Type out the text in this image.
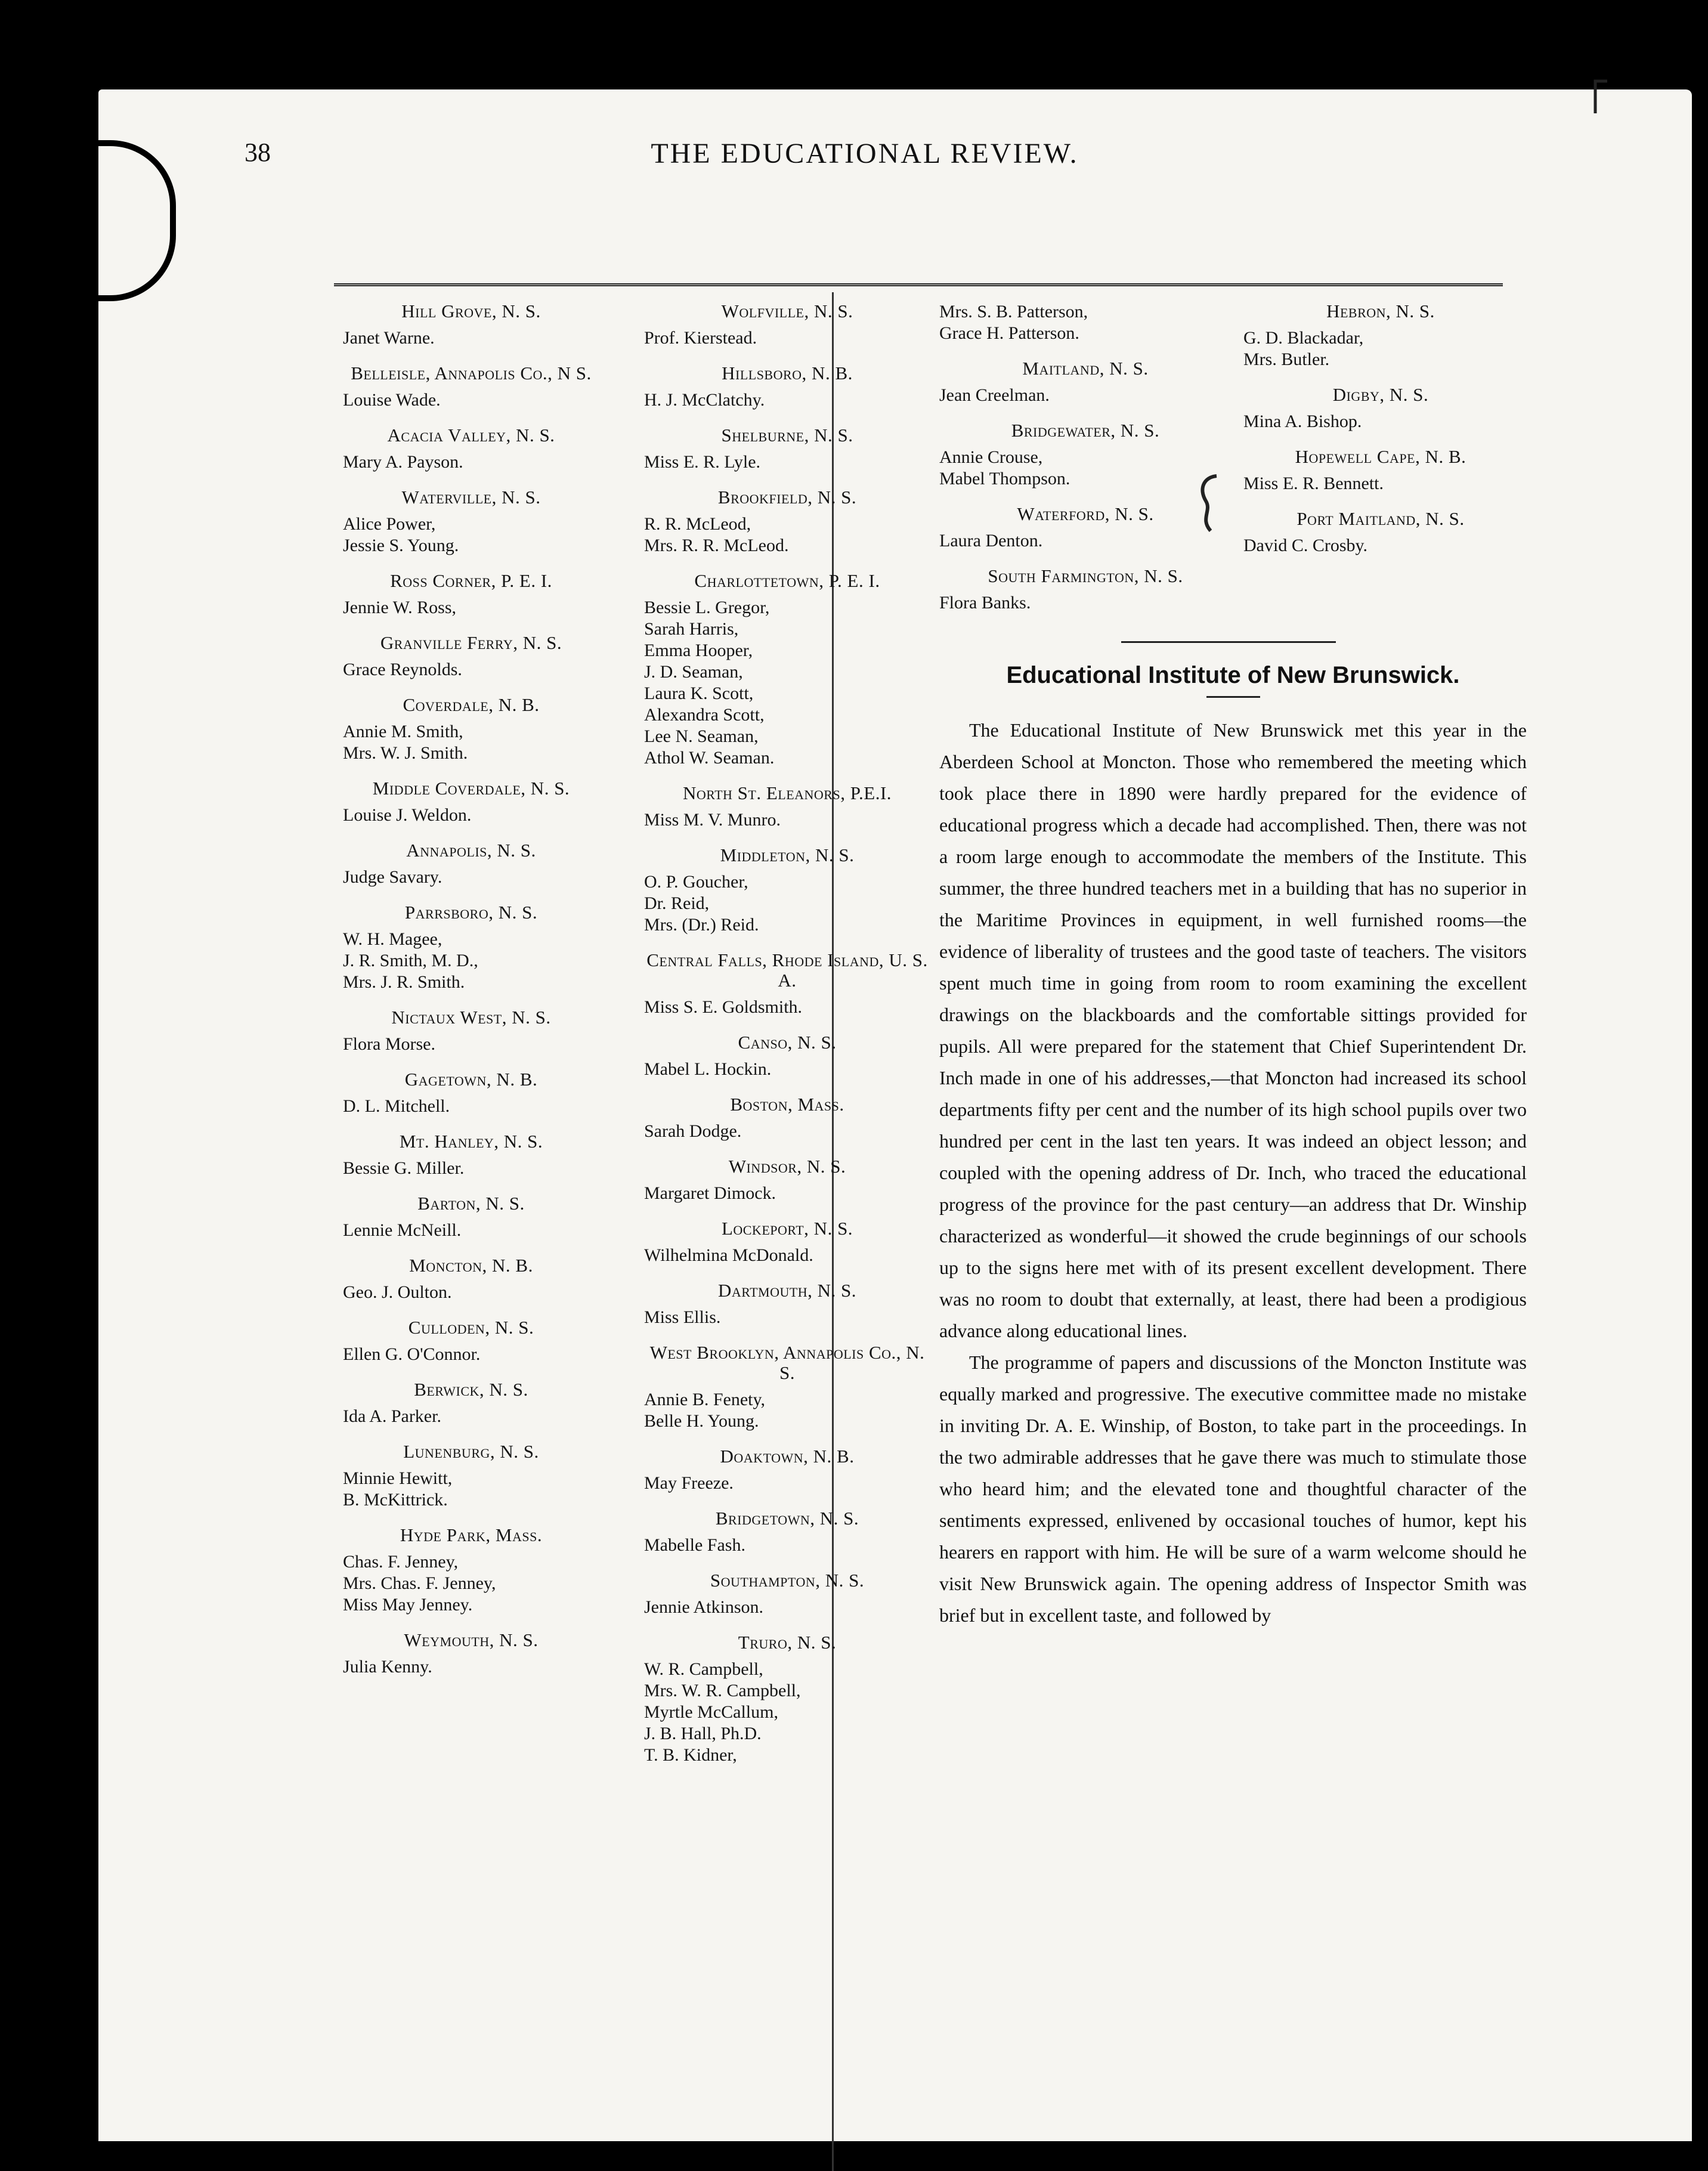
38	THE EDUCATIONAL REVIEW.
Hill Grove, N. S.
Janet Warne.
Belleisle, Annapolis Co., N S.
Louise Wade.
Acacia Valley, N. S.
Mary A. Payson.
Waterville, N. S.
Alice Power,
Jessie S. Young.
Ross Corner, P. E. I.
Jennie W. Ross,
Granville Ferry, N. S.
Grace Reynolds.
Coverdale, N. B.
Annie M. Smith,
Mrs. W. J. Smith.
Middle Coverdale, N. S.
Louise J. Weldon.
Annapolis, N. S.
Judge Savary.
Parrsboro, N. S.
W. H. Magee,
J. R. Smith, M. D.,
Mrs. J. R. Smith.
Nictaux West, N. S.
Flora Morse.
Gagetown, N. B.
D. L. Mitchell.
Mt. Hanley, N. S.
Bessie G. Miller.
Barton, N. S.
Lennie McNeill.
Moncton, N. B.
Geo. J. Oulton.
Culloden, N. S.
Ellen G. O'Connor.
Berwick, N. S.
Ida A. Parker.
Lunenburg, N. S.
Minnie Hewitt,
B. McKittrick.
Hyde Park, Mass.
Chas. F. Jenney,
Mrs. Chas. F. Jenney,
Miss May Jenney.
Weymouth, N. S.
Julia Kenny.
Wolfville, N. S.
Prof. Kierstead.
Hillsboro, N. B.
H. J. McClatchy.
Shelburne, N. S.
Miss E. R. Lyle.
Brookfield, N. S.
R. R. McLeod,
Mrs. R. R. McLeod.
Charlottetown, P. E. I.
Bessie L. Gregor,
Sarah Harris,
Emma Hooper,
J. D. Seaman,
Laura K. Scott,
Alexandra Scott,
Lee N. Seaman,
Athol W. Seaman.
North St. Eleanors, P.E.I.
Miss M. V. Munro.
Middleton, N. S.
O. P. Goucher,
Dr. Reid,
Mrs. (Dr.) Reid.
Central Falls, Rhode Island, U. S. A.
Miss S. E. Goldsmith.
Canso, N. S.
Mabel L. Hockin.
Boston, Mass.
Sarah Dodge.
Windsor, N. S.
Margaret Dimock.
Lockeport, N. S.
Wilhelmina McDonald.
Dartmouth, N. S.
Miss Ellis.
West Brooklyn, Annapolis Co., N. S.
Annie B. Fenety,
Belle H. Young.
Doaktown, N. B.
May Freeze.
Bridgetown, N. S.
Mabelle Fash.
Southampton, N. S.
Jennie Atkinson.
Truro, N. S.
W. R. Campbell,
Mrs. W. R. Campbell,
Myrtle McCallum,
J. B. Hall, Ph.D.
T. B. Kidner,
Mrs. S. B. Patterson,
Grace H. Patterson.
Maitland, N. S.
Jean Creelman.
Bridgewater, N. S.
Annie Crouse,
Mabel Thompson.
Waterford, N. S.
Laura Denton.
South Farmington, N. S.
Flora Banks.
Hebron, N. S.
G. D. Blackadar,
Mrs. Butler.
Digby, N. S.
Mina A. Bishop.
Hopewell Cape, N. B.
Miss E. R. Bennett.
Port Maitland, N. S.
David C. Crosby.
Educational Institute of New Brunswick.

The Educational Institute of New Brunswick met this year in the Aberdeen School at Moncton. Those who remembered the meeting which took place there in 1890 were hardly prepared for the evidence of educational progress which a decade had accomplished. Then, there was not a room large enough to accommodate the members of the Institute. This summer, the three hundred teachers met in a building that has no superior in the Maritime Provinces in equipment, in well furnished rooms—the evidence of liberality of trustees and the good taste of teachers. The visitors spent much time in going from room to room examining the excellent drawings on the blackboards and the comfortable sittings provided for pupils. All were prepared for the statement that Chief Superintendent Dr. Inch made in one of his addresses,—that Moncton had increased its school departments fifty per cent and the number of its high school pupils over two hundred per cent in the last ten years. It was indeed an object lesson; and coupled with the opening address of Dr. Inch, who traced the educational progress of the province for the past century—an address that Dr. Winship characterized as wonderful—it showed the crude beginnings of our schools up to the signs here met with of its present excellent development. There was no room to doubt that externally, at least, there had been a prodigious advance along educational lines.

The programme of papers and discussions of the Moncton Institute was equally marked and progressive. The executive committee made no mistake in inviting Dr. A. E. Winship, of Boston, to take part in the proceedings. In the two admirable addresses that he gave there was much to stimulate those who heard him; and the elevated tone and thoughtful character of the sentiments expressed, enlivened by occasional touches of humor, kept his hearers en rapport with him. He will be sure of a warm welcome should he visit New Brunswick again. The opening address of Inspector Smith was brief but in excellent taste, and followed by
